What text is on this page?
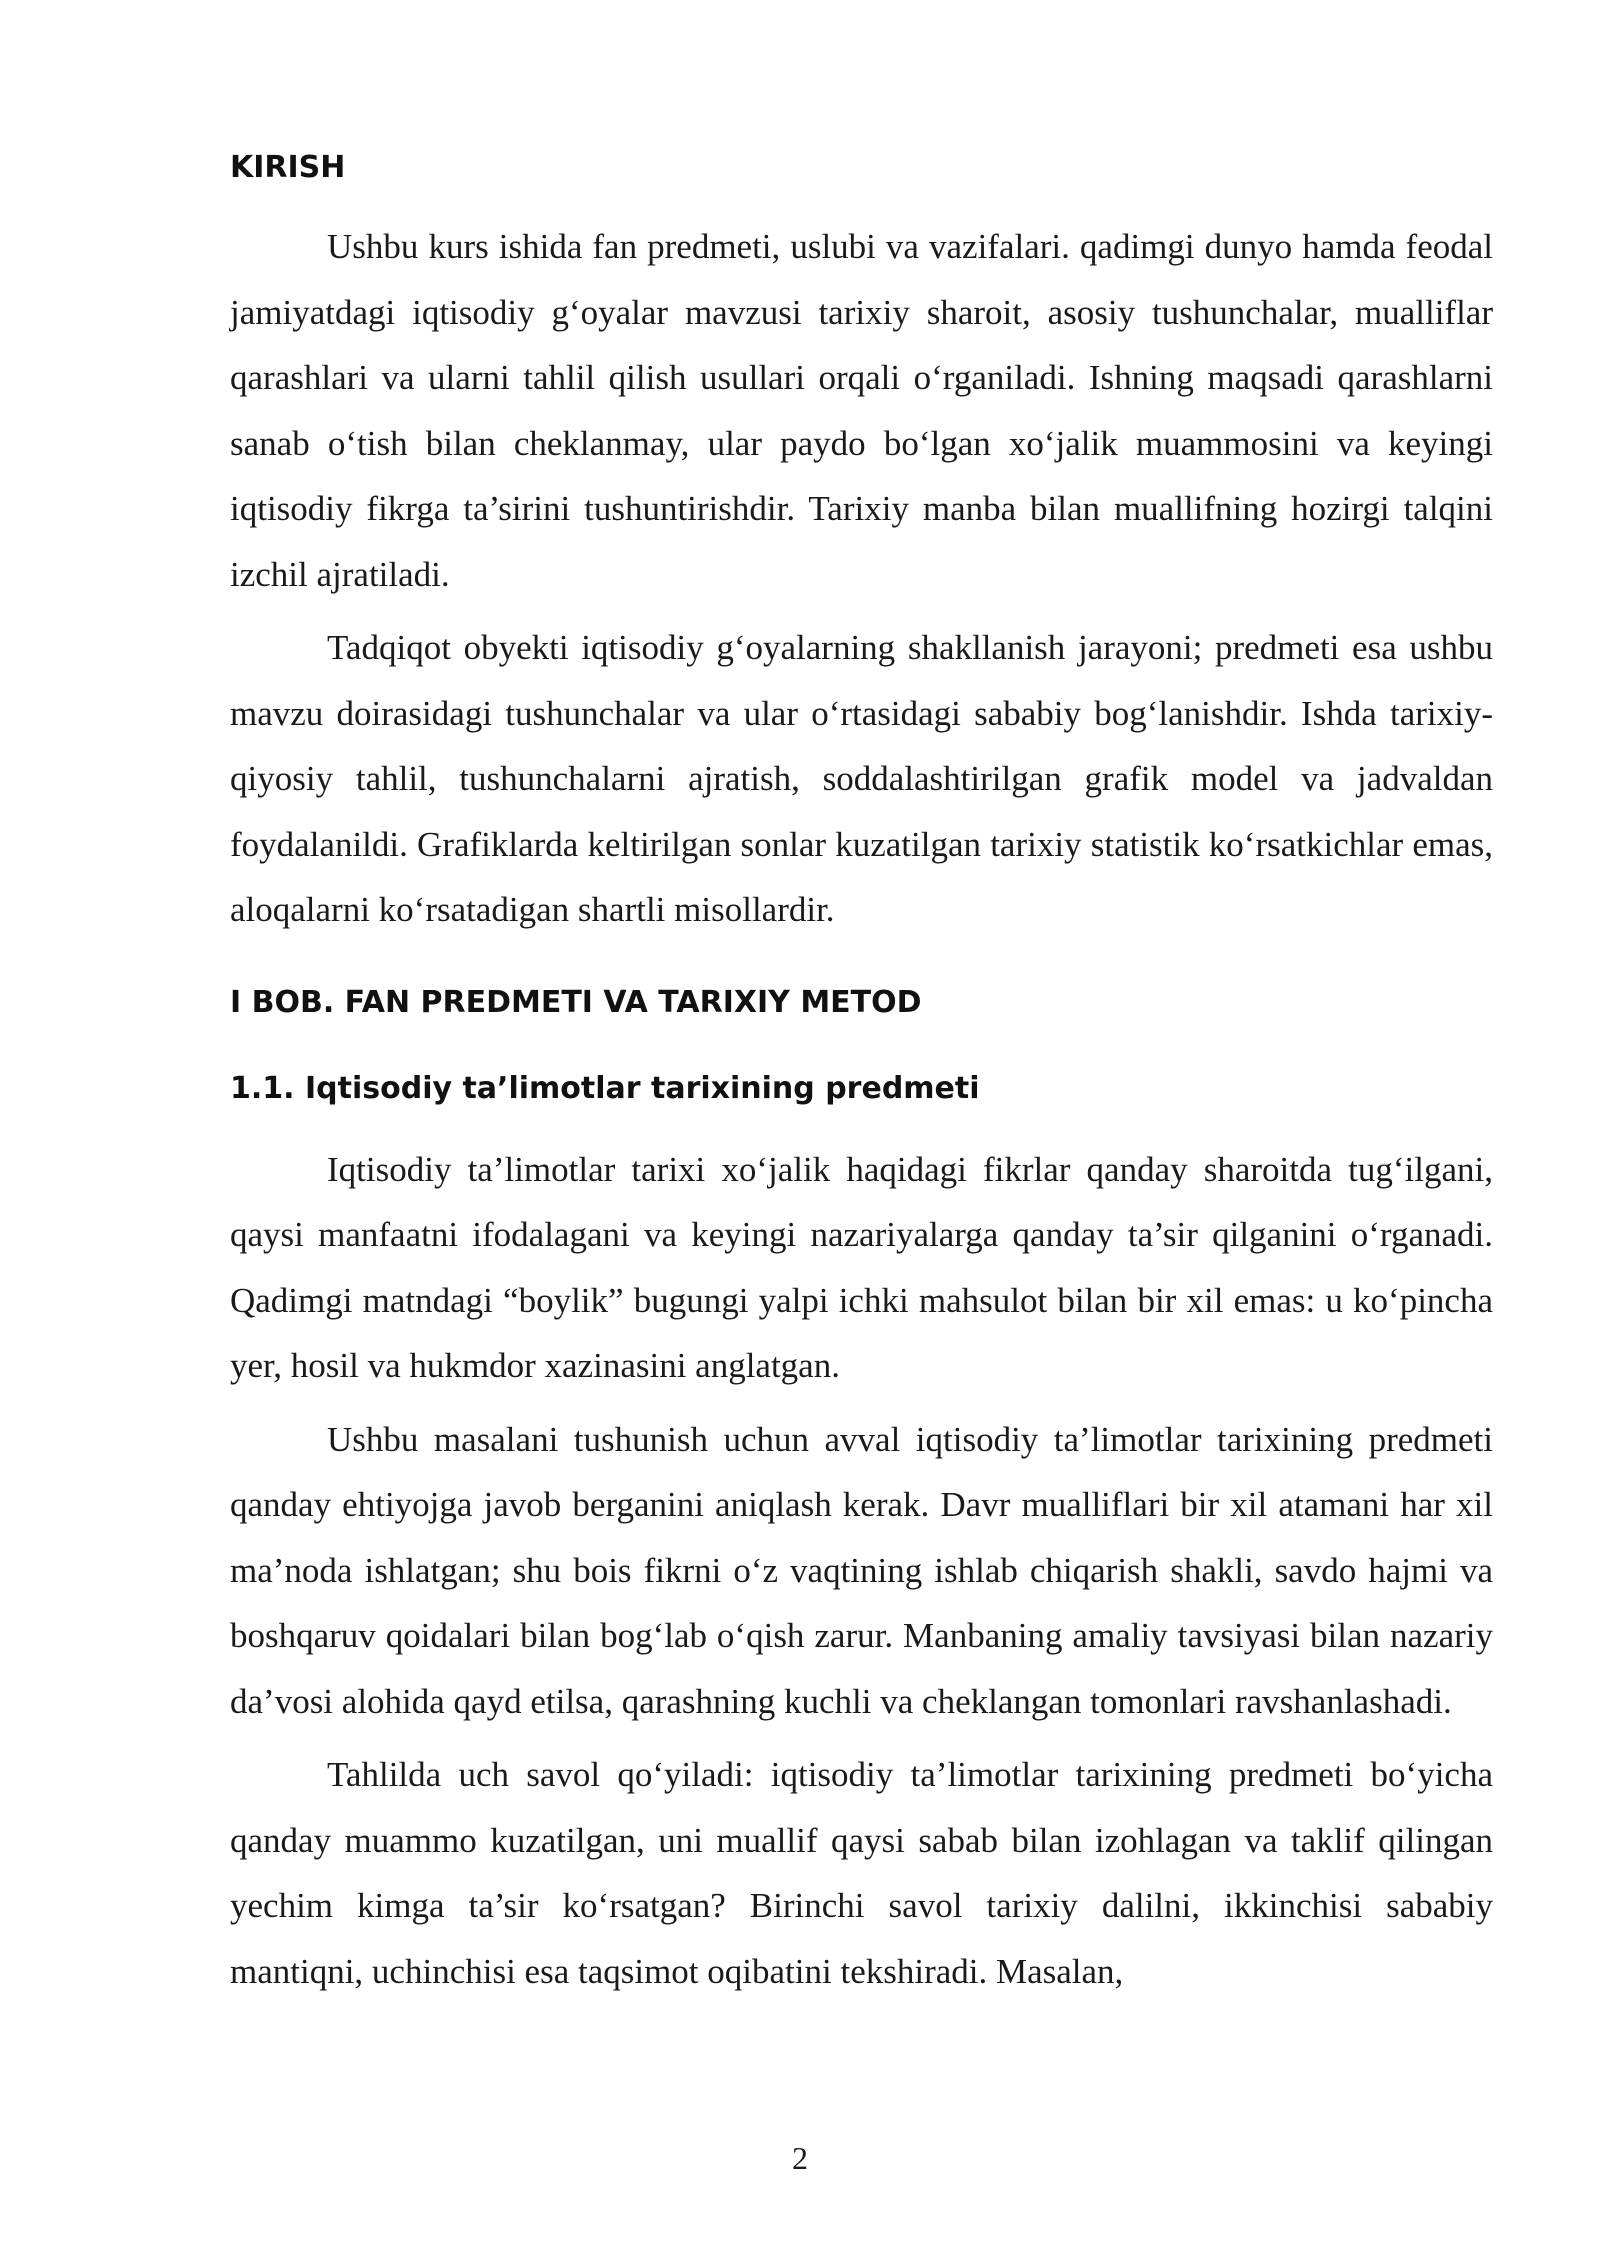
KIRISH

Ushbu kurs ishida fan predmeti, uslubi va vazifalari. qadimgi dunyo hamda feodal jamiyatdagi iqtisodiy g‘oyalar mavzusi tarixiy sharoit, asosiy tushunchalar, mualliflar qarashlari va ularni tahlil qilish usullari orqali o‘rganiladi. Ishning maqsadi qarashlarni sanab o‘tish bilan cheklanmay, ular paydo bo‘lgan xo‘jalik muammosini va keyingi iqtisodiy fikrga ta’sirini tushuntirishdir. Tarixiy manba bilan muallifning hozirgi talqini izchil ajratiladi.

Tadqiqot obyekti iqtisodiy g‘oyalarning shakllanish jarayoni; predmeti esa ushbu mavzu doirasidagi tushunchalar va ular o‘rtasidagi sababiy bog‘lanishdir. Ishda tarixiy-qiyosiy tahlil, tushunchalarni ajratish, soddalashtirilgan grafik model va jadvaldan foydalanildi. Grafiklarda keltirilgan sonlar kuzatilgan tarixiy statistik ko‘rsatkichlar emas, aloqalarni ko‘rsatadigan shartli misollardir.

I BOB. FAN PREDMETI VA TARIXIY METOD
1.1. Iqtisodiy ta’limotlar tarixining predmeti

Iqtisodiy ta’limotlar tarixi xo‘jalik haqidagi fikrlar qanday sharoitda tug‘ilgani, qaysi manfaatni ifodalagani va keyingi nazariyalarga qanday ta’sir qilganini o‘rganadi. Qadimgi matndagi “boylik” bugungi yalpi ichki mahsulot bilan bir xil emas: u ko‘pincha yer, hosil va hukmdor xazinasini anglatgan.

Ushbu masalani tushunish uchun avval iqtisodiy ta’limotlar tarixining predmeti qanday ehtiyojga javob berganini aniqlash kerak. Davr mualliflari bir xil atamani har xil ma’noda ishlatgan; shu bois fikrni o‘z vaqtining ishlab chiqarish shakli, savdo hajmi va boshqaruv qoidalari bilan bog‘lab o‘qish zarur. Manbaning amaliy tavsiyasi bilan nazariy da’vosi alohida qayd etilsa, qarashning kuchli va cheklangan tomonlari ravshanlashadi.

Tahlilda uch savol qo‘yiladi: iqtisodiy ta’limotlar tarixining predmeti bo‘yicha qanday muammo kuzatilgan, uni muallif qaysi sabab bilan izohlagan va taklif qilingan yechim kimga ta’sir ko‘rsatgan? Birinchi savol tarixiy dalilni, ikkinchisi sababiy mantiqni, uchinchisi esa taqsimot oqibatini tekshiradi. Masalan,

2
